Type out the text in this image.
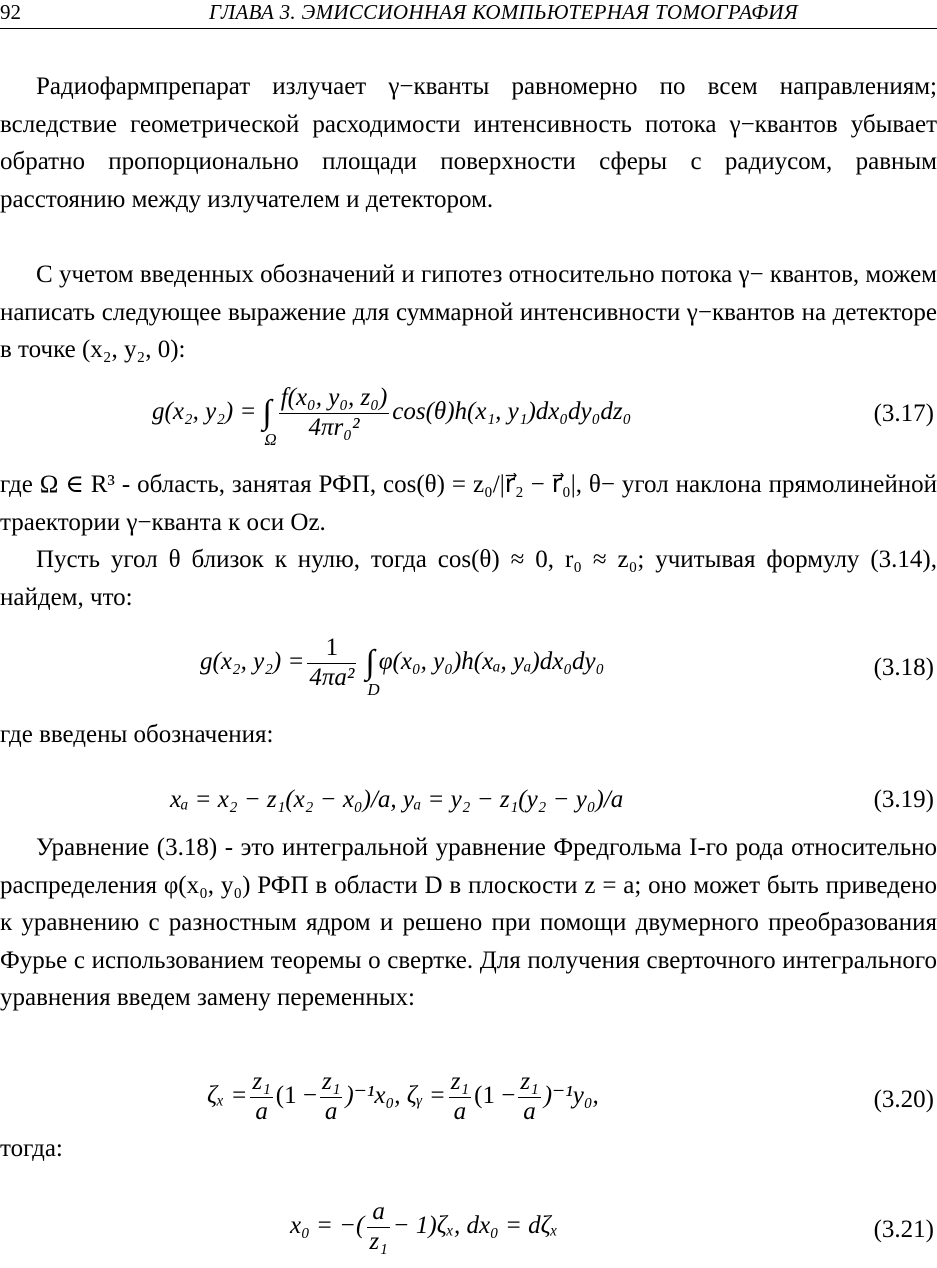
92	ГЛАВА 3. ЭМИССИОННАЯ КОМПЬЮТЕРНАЯ ТОМОГРАФИЯ

Радиофармпрепарат излучает γ−кванты равномерно по всем направлениям; вследствие геометрической расходимости интенсивность потока γ−квантов убывает обратно пропорционально площади поверхности сферы с радиусом, равным расстоянию между излучателем и детектором.

С учетом введенных обозначений и гипотез относительно потока γ− квантов, можем написать следующее выражение для суммарной интенсивности γ−квантов на детекторе в точке (x₂, y₂, 0):

g(x₂, y₂) = ∫
Ω $\frac{\text{f(x₀, y₀, z₀)}}{\text{4πr₀²}} \cos(\theta)h(x_1$, y₁)dx₀dy₀dz₀	(3.17)

где Ω ∈ R³ - область, занятая РФП, cos(θ) = z₀/|r⃗₂ − r⃗₀|, θ− угол наклона прямолинейной траектории γ−кванта к оси Oz.

Пусть угол θ близок к нулю, тогда cos(θ) ≈ 0, r₀ ≈ z₀; учитывая формулу (3.14), найдем, что:

g(x₂, $y_2) = \frac{1}{\text{4πa²}}$ ∫
D
φ(x₀, y₀)h(xₐ, yₐ)dx₀dy₀	(3.18)

где введены обозначения:

xₐ = x₂ − z₁(x₂ − x₀)/a, yₐ = y₂ − z₁(y₂ − y₀)/a	(3.19)

Уравнение (3.18) - это интегральной уравнение Фредгольма I-го рода относительно распределения φ(x₀, y₀) РФП в области D в плоскости z = a; оно может быть приведено к уравнению с разностным ядром и решено при помощи двумерного преобразования Фурье с использованием теоремы о свертке. Для получения сверточного интегрального уравнения введем замену переменных:

$\zeta_x = \frac{\text{z₁}}{a} (1 - \frac{\text{z₁}}{a} )^{-1}x_0$, ζᵧ = $\frac{\text{z₁}}{a} (1 - \frac{\text{z₁}}{a} )^{-1}y_0$,	(3.20)

тогда:

x₀ = −( $\frac{a}{\text{z₁}} - 1)\zeta_x$, dx₀ = dζₓ	(3.21)
